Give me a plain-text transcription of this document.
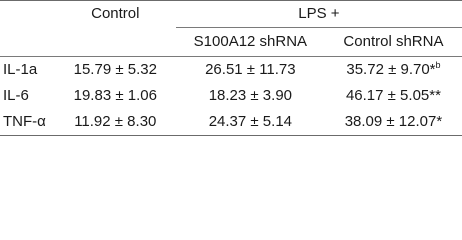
	Control	LPS +	
		S100A12 shRNA	Control shRNA
IL-1a	15.79 ± 5.32	26.51 ± 11.73	35.72 ± 9.70*$^b$
IL-6	19.83 ± 1.06	18.23 ± 3.90	46.17 ± 5.05**
TNF-α	11.92 ± 8.30	24.37 ± 5.14	38.09 ± 12.07*
